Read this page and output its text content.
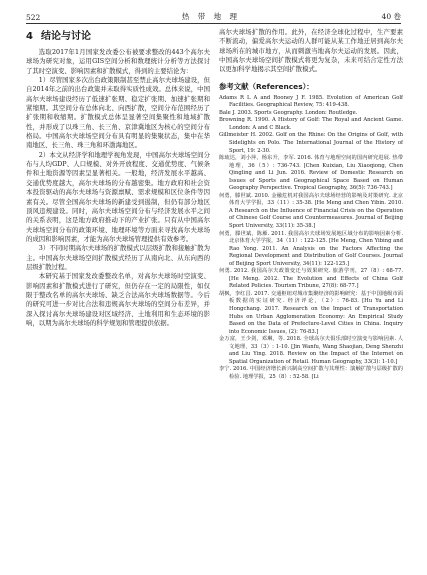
522	热 带 地 理	40 卷
4 结论与讨论

选取2017年1月国家发改委公布被要求整改的443个高尔夫球场为研究对象，运用GIS空间分析和数理统计分析等方法探讨了其时空演变、影响因素和扩散模式，得到的主要结论为：

1）尽管国家多次出台政策限制甚至禁止高尔夫球场建设，但自2014年之前的出台政策并未取得实质性成效。总体来说，中国高尔夫球场建设经历了低速扩张期、稳定扩张期、加速扩张期和紧缩期。其空间分布总体向北、向西扩散，空间分布范围经历了扩张期和收缩期。扩散模式总体呈显著空间集聚性和地域扩散性，并形成了以珠三角、长三角、京津冀地区为核心的空间分布格局。中国高尔夫球场空间分布具有明显的集聚状态，集中在华南地区、长三角、珠三角和环渤海地区。

2）本文从经济学和地理学视角发现，中国高尔夫球场空间分布与人均GDP、人口规模、对外开放程度、交通优势度、气候条件和土地资源等因素呈显著相关。一般地，经济发展水平越高、交通优势度越大，高尔夫球场的分布越密集。地方政府和社会资本投资驱动的高尔夫球场与资源禀赋、需求规模和区位条件等因素有关。尽管全国高尔夫球场的新建受到遏制，但仍有部分地区顶风违规建设。同时，高尔夫球场空间分布与经济发展水平之间的关系表明，这是地方政府推动下的产业扩张。只有从中国高尔夫球场空间分布的政策环境、地理环境等方面来寻找高尔夫球场的成因和影响因素，才能为高尔夫球场管理提供有效参考。

3）不同时期高尔夫球场的扩散模式以层级扩散和接触扩散为主。中国高尔夫球场空间扩散模式经历了从南向北、从东向西的层级扩散过程。

本研究基于国家发改委整改名单，对高尔夫球场时空演变、影响因素和扩散模式进行了研究，但仍存在一定的局限性，如仅限于整改名单的高尔夫球场、缺乏合法高尔夫球场数据等。今后的研究可进一步对比合法和违规高尔夫球场的空间分布差异，并深入探讨高尔夫球场建设对区域经济、土地利用和生态环境的影响，以期为高尔夫球场的科学规划和管理提供依据。

高尔夫球场扩散的作用。此外，在经济全球化过程中，生产要素不断流动，偏爱高尔夫运动的人群可能从某工作地迁居到高尔夫球场所在的城市地方，从而刺激当地高尔夫运动的发展。因此，中国高尔夫球场空间扩散模式将更为复杂，未来可结合定性方法以更加科学地揭示其空间扩散模式。

参考文献（References）：
Adams R L A and Rooney J F. 1985. Evolution of American Golf Facilities. Geographical Review, 75: 419-438.
Bale J. 2003. Sports Geography. London: Routledge.
Browning R. 1990. A History of Golf: The Royal and Ancient Game. London: A and C Black.
Gillmeister H. 2002. Golf on the Rhine: On the Origins of Golf, with Sidelights on Polo. The International Journal of the History of Sport, 19: 2-30.
陈琉达，刘小萍，杨东升，李军. 2016. 体育与地理空间的国内研究进展. 热带地理，36（5）: 736-743. [Chen Kuixian, Liu Xiaoqiong, Chen Qingling and Li Jun. 2016. Review of Domestic Research on Issues of Sports and Geographical Space Based on Human Geography Perspective. Tropical Geography, 36(5): 736-743.]
何勇，滕世斌. 2010. 金融危机对我国高尔夫球场经营的影响及对策研究. 北京体育大学学报，33（11）: 35-38. [He Meng and Chen Yibin. 2010. A Research on the Influence of Financial Crisis on the Operation of Chinese Golf Course and Countermeasures. Journal of Beijing Sport University, 33(11): 35-38.]
何勇，滕世斌，陈雁. 2011. 我国高尔夫球场发展地区域分布的影响因素分析. 北京体育大学学报，34（11）: 122-125. [He Meng, Chen Yibing and Rao Yong. 2011. An Analysis on the Factors Affecting the Regional Development and Distribution of Golf Courses. Journal of Beijing Sport University, 34(11): 122-125.]
何勇. 2012. 我国高尔夫政策变迁与效果研究. 旅游学刊，27（8）: 68-77. [He Meng. 2012. The Evolution and Effects of China Golf Related Policies. Tourism Tribune, 27(8): 68-77.]
胡枫，李红昌. 2017. 交通枢纽对城市集聚经济的影响研究：基于中国地级市面板数据的实证研究. 经济评论，（2）: 76-83. [Hu Yu and Li Hongchang. 2017. Research on the Impact of Transportation Hubs on Urban Agglomeration Economy: An Empirical Study Based on the Data of Prefecture-Level Cities in China. Inquiry into Economic Issues, (2): 76-83.]
金万富，王少剑，邓琳，等. 2018. 全球高尔夫俱乐部时空演变与影响因素. 人文地理，33（3）: 1-10. [Jin Wanfu, Wang Shaojian, Deng Shenzhi and Liu Ying. 2018. Review on the Impact of the Internet on Spatial Organization of Retail. Human Geography, 33(3): 1-10.]
李宁. 2016. 中国经济增长新兴制高空间扩散与其理性：演触扩散与层级扩散的检验. 地理学报，25（8）: 52-58. [Li
